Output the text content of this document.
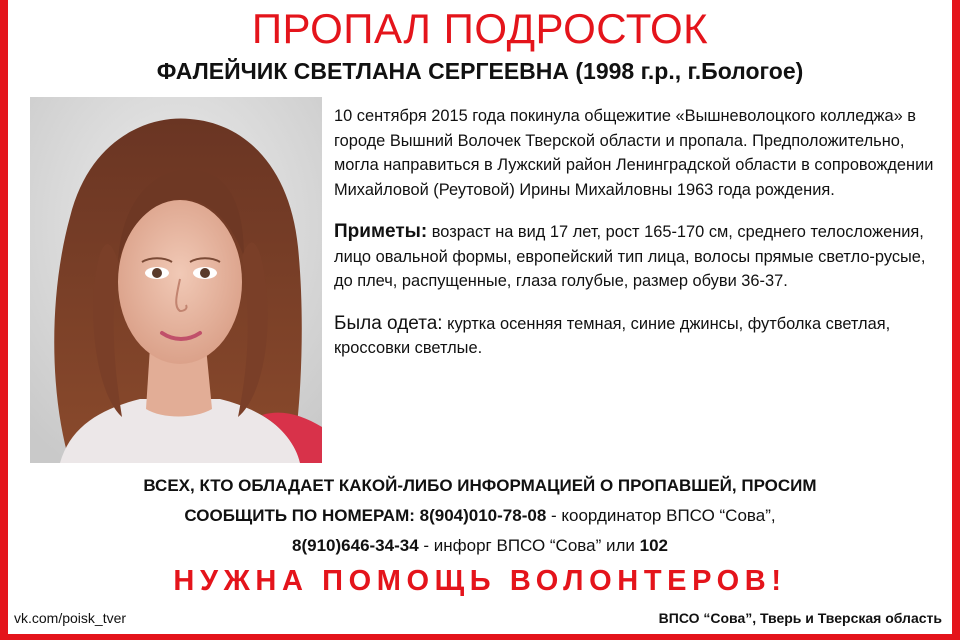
ПРОПАЛ ПОДРОСТОК
ФАЛЕЙЧИК СВЕТЛАНА СЕРГЕЕВНА (1998 г.р., г.Бологое)

10 сентября 2015 года покинула общежитие «Вышневолоцкого колледжа» в городе Вышний Волочек Тверской области и пропала. Предположительно, могла направиться в Лужский район Ленинградской области в сопровождении Михайловой (Реутовой) Ирины Михайловны 1963 года рождения.

Приметы: возраст на вид 17 лет, рост 165-170 см, среднего телосложения, лицо овальной формы, европейский тип лица, волосы прямые светло-русые, до плеч, распущенные, глаза голубые, размер обуви 36-37.

Была одета: куртка осенняя темная, синие джинсы, футболка светлая, кроссовки светлые.

ВСЕХ, КТО ОБЛАДАЕТ КАКОЙ-ЛИБО ИНФОРМАЦИЕЙ О ПРОПАВШЕЙ, ПРОСИМ
СООБЩИТЬ ПО НОМЕРАМ: 8(904)010-78-08 - координатор ВПСО “Сова”,
8(910)646-34-34 - инфорг ВПСО “Сова” или 102
НУЖНА ПОМОЩЬ ВОЛОНТЕРОВ!
vk.com/poisk_tver	ВПСО “Сова”, Тверь и Тверская область
